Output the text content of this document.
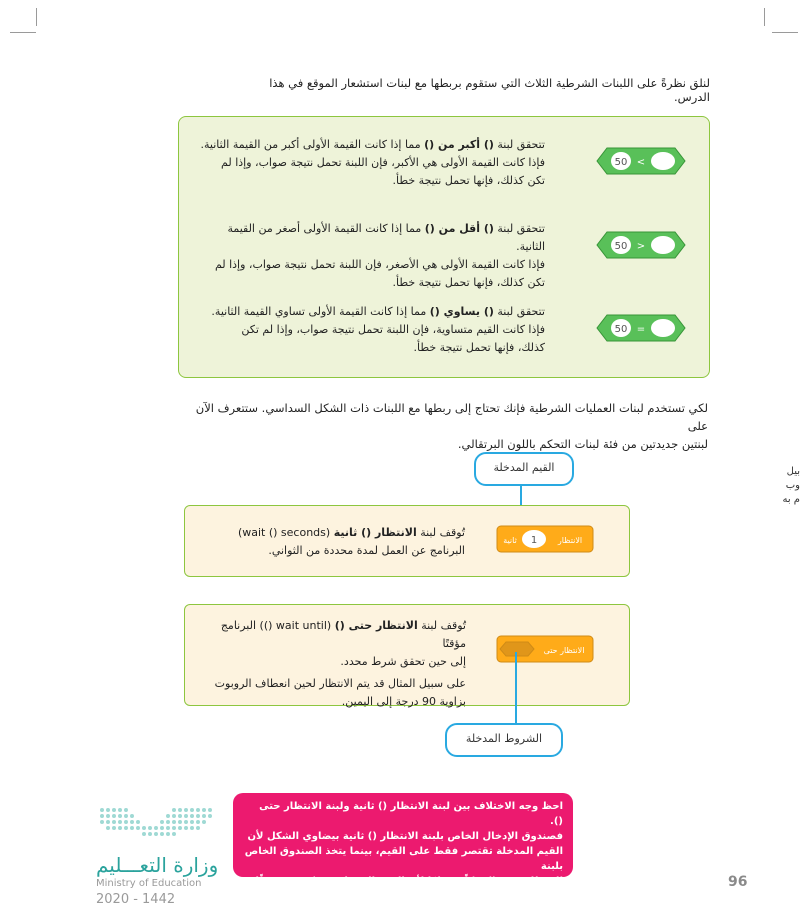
لنلق نظرةً على اللبنات الشرطية الثلاث التي ستقوم بربطها مع لبنات استشعار الموقع في هذا الدرس.
تتحقق لبنة () أكبر من () مما إذا كانت القيمة الأولى أكبر من القيمة الثانية.
فإذا كانت القيمة الأولى هي الأكبر، فإن اللبنة تحمل نتيجة صواب، وإذا لم
تكن كذلك، فإنها تحمل نتيجة خطأ.
50 <
تتحقق لبنة () أقل من () مما إذا كانت القيمة الأولى أصغر من القيمة الثانية.
فإذا كانت القيمة الأولى هي الأصغر، فإن اللبنة تحمل نتيجة صواب، وإذا لم
تكن كذلك، فإنها تحمل نتيجة خطأ.
50 >
تتحقق لبنة () يساوي () مما إذا كانت القيمة الأولى تساوي القيمة الثانية.
فإذا كانت القيم متساوية، فإن اللبنة تحمل نتيجة صواب، وإذا لم تكن
كذلك، فإنها تحمل نتيجة خطأ.
50 =
لكي تستخدم لبنات العمليات الشرطية فإنك تحتاج إلى ربطها مع اللبنات ذات الشكل السداسي. ستتعرف الآن على
لبنتين جديدتين من فئة لبنات التحكم باللون البرتقالي.
القيم المدخلة
تُوقف لبنة الانتظار () ثانية (wait () seconds)
البرنامج عن العمل لمدة محددة من الثواني.
الانتظار
1
ثانية
بيل
وب
م به
تُوقف لبنة الانتظار حتى () (wait until ()) البرنامج مؤقتًا
إلى حين تحقق شرط محدد.
على سبيل المثال قد يتم الانتظار لحين انعطاف الروبوت
بزاوية 90 درجة إلى اليمين.
الانتظار حتى
الشروط المدخلة
وزارة التعـــليم
Ministry of Education
2020 - 1442
احظ وجه الاختلاف بين لبنة الانتظار () ثانية ولبنة الانتظار حتى ().
فصندوق الإدخال الخاص بلبنة الانتظار () ثانية بيضاوي الشكل لأن
القيم المدخلة تقتصر فقط على القيم، بينما يتخذ الصندوق الخاص بلبنة
الانتظار حتى () شكلًا مضلعًا لأن القيم المدخلة قد تكون شروطًا فقط.
96
